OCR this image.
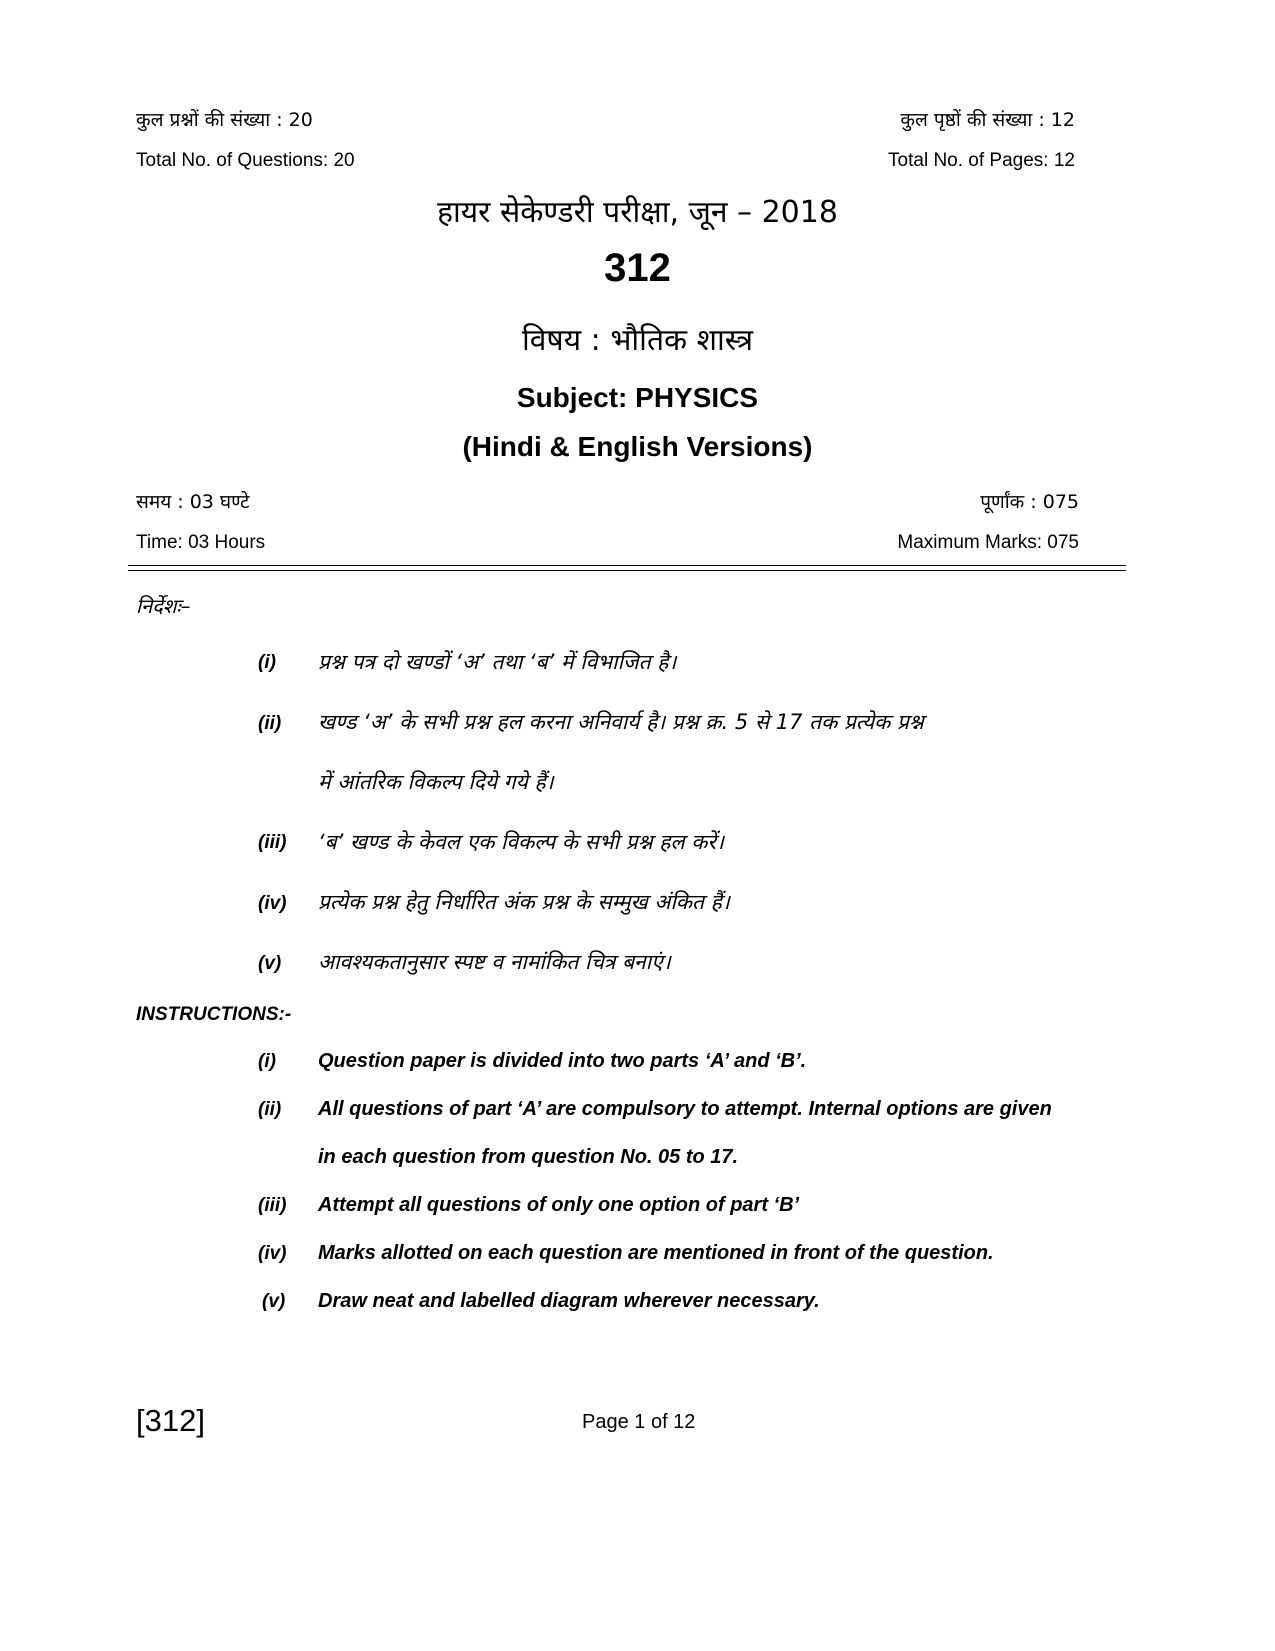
कुल प्रश्नों की संख्या : 20	कुल पृष्ठों की संख्या : 12
Total No. of Questions: 20	Total No. of Pages: 12
हायर सेकेण्डरी परीक्षा, जून – 2018
312
विषय : भौतिक शास्त्र
Subject: PHYSICS
(Hindi & English Versions)
समय : 03 घण्टे	पूर्णांक : 075
Time: 03 Hours	Maximum Marks: 075
निर्देशः–
(i) प्रश्न पत्र दो खण्डों ‘अ’ तथा ‘ब’ में विभाजित है।
(ii) खण्ड ‘अ’ के सभी प्रश्न हल करना अनिवार्य है। प्रश्न क्र. 5 से 17 तक प्रत्येक प्रश्न
में आंतरिक विकल्प दिये गये हैं।
(iii) ‘ब’ खण्ड के केवल एक विकल्प के सभी प्रश्न हल करें।
(iv) प्रत्येक प्रश्न हेतु निर्धारित अंक प्रश्न के सम्मुख अंकित हैं।
(v) आवश्यकतानुसार स्पष्ट व नामांकित चित्र बनाएं।
INSTRUCTIONS:-
(i) Question paper is divided into two parts ‘A’ and ‘B’.
(ii) All questions of part ‘A’ are compulsory to attempt. Internal options are given
in each question from question No. 05 to 17.
(iii) Attempt all questions of only one option of part ‘B’
(iv) Marks allotted on each question are mentioned in front of the question.
(v) Draw neat and labelled diagram wherever necessary.
[312]	Page 1 of 12
